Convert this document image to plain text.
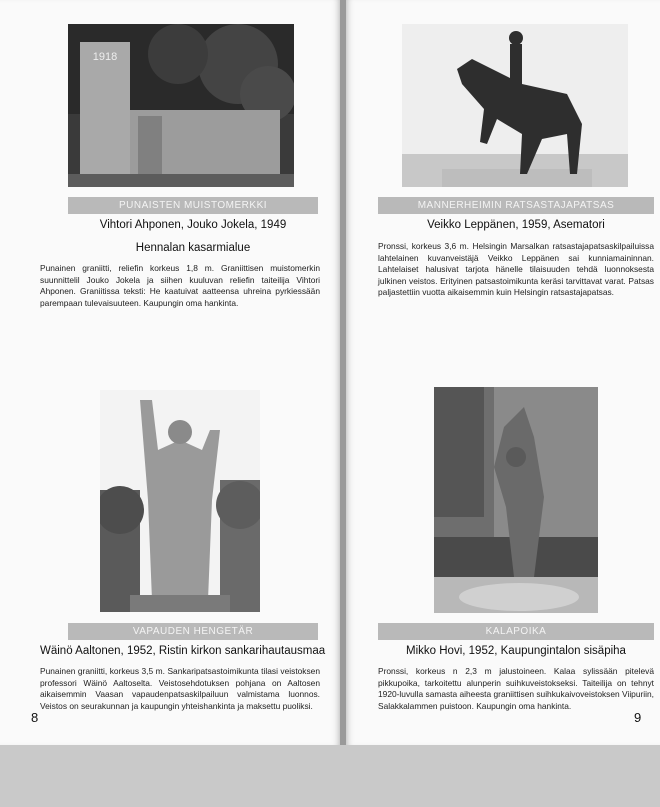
1918
PUNAISTEN MUISTOMERKKI
Vihtori Ahponen, Jouko Jokela, 1949
Hennalan kasarmialue
Punainen graniitti, reliefin korkeus 1,8 m. Graniittisen muistomerkin suunnittelil Jouko Jokela ja siihen kuuluvan reliefin taiteilija Vihtori Ahponen. Graniitissa teksti: He kaatuivat aatteensa uhreina pyrkiessään parempaan tulevaisuuteen. Kaupungin oma hankinta.
MANNERHEIMIN RATSASTAJAPATSAS
Veikko Leppänen, 1959, Asematori
Pronssi, korkeus 3,6 m. Helsingin Marsalkan ratsastajapatsaskilpailuissa lahtelainen kuvanveistäjä Veikko Leppänen sai kunniamaininnan. Lahtelaiset halusivat tarjota hänelle tilaisuuden tehdä luonnoksesta julkinen veistos. Erityinen patsastoimikunta keräsi tarvittavat varat. Patsas paljastettiin vuotta aikaisemmin kuin Helsingin ratsastajapatsas.
VAPAUDEN HENGETÄR
Wäinö Aaltonen, 1952, Ristin kirkon sankarihautausmaa
Punainen graniitti, korkeus 3,5 m. Sankaripatsastoimikunta tilasi veistoksen professori Wäinö Aaltoselta. Veistosehdotuksen pohjana on Aaltosen aikaisemmin Vaasan vapaudenpatsaskilpailuun valmistama luonnos. Veistos on seurakunnan ja kaupungin yhteishankinta ja maksettu puoliksi.
KALAPOIKA
Mikko Hovi, 1952, Kaupungintalon sisäpiha
Pronssi, korkeus n 2,3 m jalustoineen. Kalaa sylissään pitelevä pikkupoika, tarkoitettu alunperin suihkuveistokseksi. Taiteilija on tehnyt 1920-luvulla samasta aiheesta graniittisen suihkukaivoveistoksen Viipuriin, Salakkalammen puistoon. Kaupungin oma hankinta.
8	9
